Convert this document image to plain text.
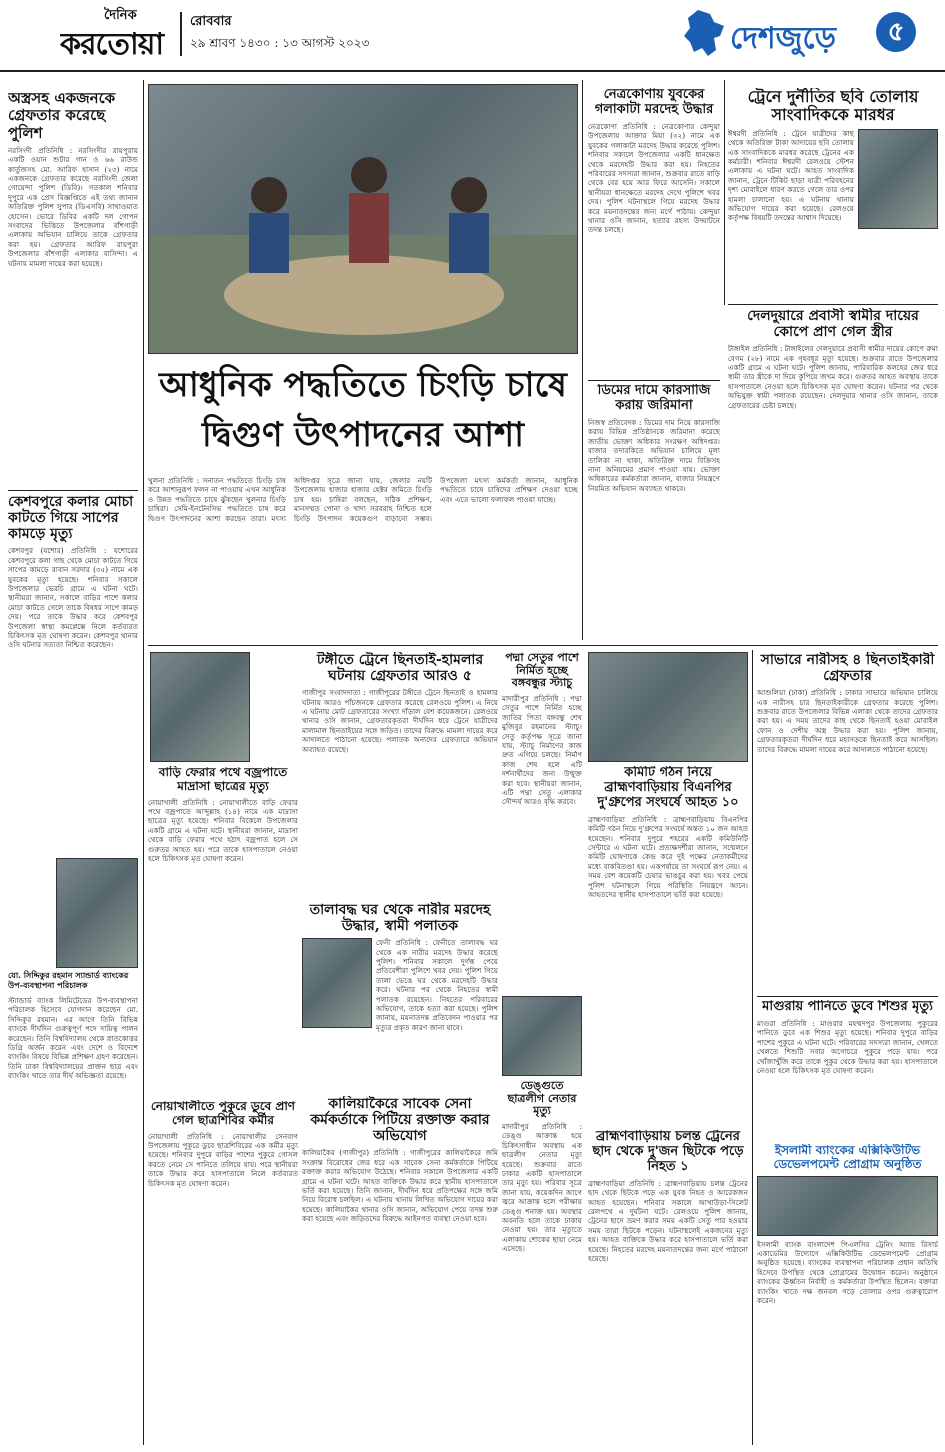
দৈনিক
করতোয়া
রোববার
২৯ শ্রাবণ ১৪৩০ : ১৩ আগস্ট ২০২৩	দেশজুড়ে	৫
অস্ত্রসহ একজনকে গ্রেফতার করেছে পুলিশ
নরসিংদী প্রতিনিধি : নরসিংদীর রায়পুরায় একটি ওয়ান শুটার গান ও ৬৬ রাউন্ড কার্তুজসহ মো. আরিফ হাসান (২৩) নামে একজনকে গ্রেফতার করেছে নরসিংদী জেলা গোয়েন্দা পুলিশ (ডিবি)। গতকাল শনিবার দুপুরে এক প্রেস বিজ্ঞপ্তিতে এই তথ্য জানান অতিরিক্ত পুলিশ সুপার (ডিএসবি) সাখাওয়াত হোসেন। ভোরে ডিবির একটি দল গোপন সংবাদের ভিত্তিতে উপজেলার বাঁশগাড়ী এলাকায় অভিযান চালিয়ে তাকে গ্রেফতার করা হয়। গ্রেফতার আরিফ রায়পুরা উপজেলার বাঁশগাড়ী এলাকার বাসিন্দা। এ ঘটনায় মামলা দায়ের করা হয়েছে।
কেশবপুরে কলার মোচা কাটতে গিয়ে সাপের কামড়ে মৃত্যু
কেশবপুর (যশোর) প্রতিনিধি : যশোরের কেশবপুরে কলা গাছ থেকে মোচা কাটতে গিয়ে সাপের কামড়ে রাবান সরদার (৩৫) নামে এক যুবকের মৃত্যু হয়েছে। শনিবার সকালে উপজেলার ভেরচি গ্রামে এ ঘটনা ঘটে। স্থানীয়রা জানান, সকালে বাড়ির পাশে কলার মোচা কাটতে গেলে তাকে বিষধর সাপে কামড় দেয়। পরে তাকে উদ্ধার করে কেশবপুর উপজেলা স্বাস্থ্য কমপ্লেক্সে নিলে কর্তব্যরত চিকিৎসক মৃত ঘোষণা করেন। কেশবপুর থানার ওসি ঘটনার সত্যতা নিশ্চিত করেছেন।
যো. সিদ্দিকুর রহমান স্যান্ডার্ড ব্যাংকের উপ-ব্যবস্থাপনা পরিচালক
স্ট্যান্ডার্ড ব্যাংক লিমিটেডের উপ-ব্যবস্থাপনা পরিচালক হিসেবে যোগদান করেছেন মো. সিদ্দিকুর রহমান। এর আগে তিনি বিভিন্ন ব্যাংকে দীর্ঘদিন গুরুত্বপূর্ণ পদে দায়িত্ব পালন করেছেন। তিনি বিশ্ববিদ্যালয় থেকে স্নাতকোত্তর ডিগ্রি অর্জন করেন এবং দেশে ও বিদেশে ব্যাংকিং বিষয়ে বিভিন্ন প্রশিক্ষণ গ্রহণ করেছেন। তিনি ঢাকা বিশ্ববিদ্যালয়ের প্রাক্তন ছাত্র এবং ব্যাংকিং খাতে তার দীর্ঘ অভিজ্ঞতা রয়েছে।
আধুনিক পদ্ধতিতে চিংড়ি চাষে
দ্বিগুণ উৎপাদনের আশা
খুলনা প্রতিনিধি : সনাতন পদ্ধতিতে চিংড়ি চাষ করে আশানুরূপ ফলন না পাওয়ায় এখন আধুনিক ও উন্নত পদ্ধতিতে চাষে ঝুঁকছেন খুলনার চিংড়ি চাষিরা। সেমি-ইনটেনসিভ পদ্ধতিতে চাষ করে দ্বিগুণ উৎপাদনের আশা করছেন তারা। মৎস্য অধিদপ্তর সূত্রে জানা যায়, জেলার নয়টি উপজেলায় হাজার হাজার হেক্টর জমিতে চিংড়ি চাষ হয়। চাষিরা বলছেন, সঠিক প্রশিক্ষণ, মানসম্মত পোনা ও খাদ্য সরবরাহ নিশ্চিত হলে চিংড়ি উৎপাদন কয়েকগুণ বাড়ানো সম্ভব। উপজেলা মৎস্য কর্মকর্তা জানান, আধুনিক পদ্ধতিতে চাষে চাষিদের প্রশিক্ষণ দেওয়া হচ্ছে এবং এতে ভালো ফলাফল পাওয়া যাচ্ছে।
নেত্রকোণায় যুবকের গলাকাটা মরদেহ উদ্ধার
নেত্রকোণা প্রতিনিধি : নেত্রকোণার কেন্দুয়া উপজেলায় আক্তার মিয়া (৩২) নামে এক যুবকের গলাকাটা মরদেহ উদ্ধার করেছে পুলিশ। শনিবার সকালে উপজেলার একটি ধানক্ষেত থেকে মরদেহটি উদ্ধার করা হয়। নিহতের পরিবারের সদস্যরা জানান, শুক্রবার রাতে বাড়ি থেকে বের হয়ে আর ফিরে আসেনি। সকালে স্থানীয়রা ধানক্ষেতে মরদেহ দেখে পুলিশে খবর দেয়। পুলিশ ঘটনাস্থলে গিয়ে মরদেহ উদ্ধার করে ময়নাতদন্তের জন্য মর্গে পাঠায়। কেন্দুয়া থানার ওসি জানান, হত্যার রহস্য উদ্ঘাটনে তদন্ত চলছে।
ডিমের দামে কারসাজি করায় জরিমানা
নিজস্ব প্রতিবেদক : ডিমের দাম নিয়ে কারসাজি করায় বিভিন্ন প্রতিষ্ঠানকে জরিমানা করেছে জাতীয় ভোক্তা অধিকার সংরক্ষণ অধিদপ্তর। বাজার তদারকিতে অভিযান চালিয়ে মূল্য তালিকা না থাকা, অতিরিক্ত দামে বিক্রিসহ নানা অনিয়মের প্রমাণ পাওয়া যায়। ভোক্তা অধিকারের কর্মকর্তারা জানান, বাজার নিয়ন্ত্রণে নিয়মিত অভিযান অব্যাহত থাকবে।
ট্রেনে দুর্নীতির ছবি তোলায় সাংবাদিককে মারধর
ঈশ্বরদী প্রতিনিধি : ট্রেনে যাত্রীদের কাছ থেকে অতিরিক্ত টাকা আদায়ের ছবি তোলায় এক সাংবাদিককে মারধর করেছে ট্রেনের এক কর্মচারী। শনিবার ঈশ্বরদী রেলওয়ে স্টেশন এলাকায় এ ঘটনা ঘটে। আহত সাংবাদিক জানান, ট্রেনে টিকিট ছাড়া যাত্রী পরিবহনের দৃশ্য মোবাইলে ধারণ করতে গেলে তার ওপর হামলা চালানো হয়। এ ঘটনায় থানায় অভিযোগ দায়ের করা হয়েছে। রেলওয়ে কর্তৃপক্ষ বিষয়টি তদন্তের আশ্বাস দিয়েছে।
দেলদুয়ারে প্রবাসী স্বামীর দায়ের কোপে প্রাণ গেল স্ত্রীর
টাঙ্গাইল প্রতিনিধি : টাঙ্গাইলের দেলদুয়ারে প্রবাসী স্বামীর দায়ের কোপে রুমা বেগম (২৮) নামে এক গৃহবধূর মৃত্যু হয়েছে। শুক্রবার রাতে উপজেলার একটি গ্রামে এ ঘটনা ঘটে। পুলিশ জানায়, পারিবারিক কলহের জের ধরে স্বামী তার স্ত্রীকে দা দিয়ে কুপিয়ে জখম করে। গুরুতর আহত অবস্থায় তাকে হাসপাতালে নেওয়া হলে চিকিৎসক মৃত ঘোষণা করেন। ঘটনার পর থেকে অভিযুক্ত স্বামী পলাতক রয়েছেন। দেলদুয়ার থানার ওসি জানান, তাকে গ্রেফতারের চেষ্টা চলছে।
বাড়ি ফেরার পথে বজ্রপাতে মাদ্রাসা ছাত্রের মৃত্যু
নোয়াখালী প্রতিনিধি : নোয়াখালীতে বাড়ি ফেরার পথে বজ্রপাতে আব্দুল্লাহ (১৪) নামে এক মাদ্রাসা ছাত্রের মৃত্যু হয়েছে। শনিবার বিকেলে উপজেলার একটি গ্রামে এ ঘটনা ঘটে। স্থানীয়রা জানান, মাদ্রাসা থেকে বাড়ি ফেরার পথে হঠাৎ বজ্রপাত হলে সে গুরুতর আহত হয়। পরে তাকে হাসপাতালে নেওয়া হলে চিকিৎসক মৃত ঘোষণা করেন।
নোয়াখালীতে পুকুরে ডুবে প্রাণ গেল ছাত্রশিবির কর্মীর
নোয়াখালী প্রতিনিধি : নোয়াখালীর সেনবাগ উপজেলায় পুকুরে ডুবে ছাত্রশিবিরের এক কর্মীর মৃত্যু হয়েছে। শনিবার দুপুরে বাড়ির পাশের পুকুরে গোসল করতে নেমে সে পানিতে তলিয়ে যায়। পরে স্থানীয়রা তাকে উদ্ধার করে হাসপাতালে নিলে কর্তব্যরত চিকিৎসক মৃত ঘোষণা করেন।
টঙ্গীতে ট্রেনে ছিনতাই-হামলার ঘটনায় গ্রেফতার আরও ৫
গাজীপুর সংবাদদাতা : গাজীপুরের টঙ্গীতে ট্রেনে ছিনতাই ও হামলার ঘটনায় আরও পাঁচজনকে গ্রেফতার করেছে রেলওয়ে পুলিশ। এ নিয়ে এ ঘটনায় মোট গ্রেফতারের সংখ্যা দাঁড়াল বেশ কয়েকজনে। রেলওয়ে থানার ওসি জানান, গ্রেফতারকৃতরা দীর্ঘদিন ধরে ট্রেনে যাত্রীদের মালামাল ছিনতাইয়ের সঙ্গে জড়িত। তাদের বিরুদ্ধে মামলা দায়ের করে আদালতে পাঠানো হয়েছে। পলাতক অন্যদের গ্রেফতারে অভিযান অব্যাহত রয়েছে।
পদ্মা সেতুর পাশে নির্মিত হচ্ছে বঙ্গবন্ধুর স্ট্যাচু
মাদারীপুর প্রতিনিধি : পদ্মা সেতুর পাশে নির্মিত হচ্ছে জাতির পিতা বঙ্গবন্ধু শেখ মুজিবুর রহমানের স্ট্যাচু। সেতু কর্তৃপক্ষ সূত্রে জানা যায়, স্ট্যাচু নির্মাণের কাজ দ্রুত এগিয়ে চলছে। নির্মাণ কাজ শেষ হলে এটি দর্শনার্থীদের জন্য উন্মুক্ত করা হবে। স্থানীয়রা জানান, এটি পদ্মা সেতু এলাকার সৌন্দর্য আরও বৃদ্ধি করবে।
কমিটি গঠন নিয়ে ব্রাহ্মণবাড়িয়ায় বিএনপির দু'গ্রুপের সংঘর্ষে আহত ১০
ব্রাহ্মণবাড়িয়া প্রতিনিধি : ব্রাহ্মণবাড়িয়ায় বিএনপির কমিটি গঠন নিয়ে দু'গ্রুপের সংঘর্ষে অন্তত ১০ জন আহত হয়েছেন। শনিবার দুপুরে শহরের একটি কমিউনিটি সেন্টারে এ ঘটনা ঘটে। প্রত্যক্ষদর্শীরা জানান, সম্মেলনে কমিটি ঘোষণাকে কেন্দ্র করে দুই পক্ষের নেতাকর্মীদের মধ্যে বাকবিতণ্ডা হয়। একপর্যায়ে তা সংঘর্ষে রূপ নেয়। এ সময় বেশ কয়েকটি চেয়ার ভাঙচুর করা হয়। খবর পেয়ে পুলিশ ঘটনাস্থলে গিয়ে পরিস্থিতি নিয়ন্ত্রণে আনে। আহতদের স্থানীয় হাসপাতালে ভর্তি করা হয়েছে।
সাভারে নারীসহ ৪ ছিনতাইকারী গ্রেফতার
আশুলিয়া (ঢাকা) প্রতিনিধি : ঢাকার সাভারে অভিযান চালিয়ে এক নারীসহ চার ছিনতাইকারীকে গ্রেফতার করেছে পুলিশ। শুক্রবার রাতে উপজেলার বিভিন্ন এলাকা থেকে তাদের গ্রেফতার করা হয়। এ সময় তাদের কাছ থেকে ছিনতাই হওয়া মোবাইল ফোন ও দেশীয় অস্ত্র উদ্ধার করা হয়। পুলিশ জানায়, গ্রেফতারকৃতরা দীর্ঘদিন ধরে মহাসড়কে ছিনতাই করে আসছিল। তাদের বিরুদ্ধে মামলা দায়ের করে আদালতে পাঠানো হয়েছে।
মাগুরায় পানিতে ডুবে শিশুর মৃত্যু
মাগুরা প্রতিনিধি : মাগুরার মহম্মদপুর উপজেলায় পুকুরের পানিতে ডুবে এক শিশুর মৃত্যু হয়েছে। শনিবার দুপুরে বাড়ির পাশের পুকুরে এ ঘটনা ঘটে। পরিবারের সদস্যরা জানান, খেলতে খেলতে শিশুটি সবার অগোচরে পুকুরে পড়ে যায়। পরে খোঁজাখুঁজি করে তাকে পুকুর থেকে উদ্ধার করা হয়। হাসপাতালে নেওয়া হলে চিকিৎসক মৃত ঘোষণা করেন।
ইসলামী ব্যাংকের এক্সিকিউটিভ ডেভেলপমেন্ট প্রোগ্রাম অনুষ্ঠিত
ইসলামী ব্যাংক বাংলাদেশ পিএলসির ট্রেনিং অ্যান্ড রিসার্চ একাডেমির উদ্যোগে এক্সিকিউটিভ ডেভেলপমেন্ট প্রোগ্রাম অনুষ্ঠিত হয়েছে। ব্যাংকের ব্যবস্থাপনা পরিচালক প্রধান অতিথি হিসেবে উপস্থিত থেকে প্রোগ্রামের উদ্বোধন করেন। অনুষ্ঠানে ব্যাংকের ঊর্ধ্বতন নির্বাহী ও কর্মকর্তারা উপস্থিত ছিলেন। বক্তারা ব্যাংকিং খাতে দক্ষ জনবল গড়ে তোলার ওপর গুরুত্বারোপ করেন।
তালাবদ্ধ ঘর থেকে নারীর মরদেহ উদ্ধার, স্বামী পলাতক
ফেনী প্রতিনিধি : ফেনীতে তালাবদ্ধ ঘর থেকে এক নারীর মরদেহ উদ্ধার করেছে পুলিশ। শনিবার সকালে দুর্গন্ধ পেয়ে প্রতিবেশীরা পুলিশে খবর দেয়। পুলিশ গিয়ে তালা ভেঙে ঘর থেকে মরদেহটি উদ্ধার করে। ঘটনার পর থেকে নিহতের স্বামী পলাতক রয়েছেন। নিহতের পরিবারের অভিযোগ, তাকে হত্যা করা হয়েছে। পুলিশ জানায়, ময়নাতদন্ত প্রতিবেদন পাওয়ার পর মৃত্যুর প্রকৃত কারণ জানা যাবে।
ডেঙ্গুতে ছাত্রলীগ নেতার মৃত্যু
মাদারীপুর প্রতিনিধি : ডেঙ্গু আক্রান্ত হয়ে চিকিৎসাধীন অবস্থায় এক ছাত্রলীগ নেতার মৃত্যু হয়েছে। শুক্রবার রাতে ঢাকার একটি হাসপাতালে তার মৃত্যু হয়। পরিবার সূত্রে জানা যায়, কয়েকদিন আগে জ্বরে আক্রান্ত হলে পরীক্ষায় ডেঙ্গু শনাক্ত হয়। অবস্থার অবনতি হলে তাকে ঢাকায় নেওয়া হয়। তার মৃত্যুতে এলাকায় শোকের ছায়া নেমে এসেছে।
কালিয়াকৈরে সাবেক সেনা কর্মকর্তাকে পিটিয়ে রক্তাক্ত করার অভিযোগ
কালিয়াকৈর (গাজীপুর) প্রতিনিধি : গাজীপুরের কালিয়াকৈরে জমি সংক্রান্ত বিরোধের জের ধরে এক সাবেক সেনা কর্মকর্তাকে পিটিয়ে রক্তাক্ত করার অভিযোগ উঠেছে। শনিবার সকালে উপজেলার একটি গ্রামে এ ঘটনা ঘটে। আহত ব্যক্তিকে উদ্ধার করে স্থানীয় হাসপাতালে ভর্তি করা হয়েছে। তিনি জানান, দীর্ঘদিন ধরে প্রতিপক্ষের সঙ্গে জমি নিয়ে বিরোধ চলছিল। এ ঘটনায় থানায় লিখিত অভিযোগ দায়ের করা হয়েছে। কালিয়াকৈর থানার ওসি জানান, অভিযোগ পেয়ে তদন্ত শুরু করা হয়েছে এবং জড়িতদের বিরুদ্ধে আইনগত ব্যবস্থা নেওয়া হবে।
ব্রাহ্মণবাড়িয়ায় চলন্ত ট্রেনের ছাদ থেকে দু'জন ছিটকে পড়ে নিহত ১
ব্রাহ্মণবাড়িয়া প্রতিনিধি : ব্রাহ্মণবাড়িয়ায় চলন্ত ট্রেনের ছাদ থেকে ছিটকে পড়ে এক যুবক নিহত ও আরেকজন আহত হয়েছেন। শনিবার সকালে আখাউড়া-সিলেট রেলপথে এ দুর্ঘটনা ঘটে। রেলওয়ে পুলিশ জানায়, ট্রেনের ছাদে ভ্রমণ করার সময় একটি সেতু পার হওয়ার সময় তারা ছিটকে পড়েন। ঘটনাস্থলেই একজনের মৃত্যু হয়। আহত ব্যক্তিকে উদ্ধার করে হাসপাতালে ভর্তি করা হয়েছে। নিহতের মরদেহ ময়নাতদন্তের জন্য মর্গে পাঠানো হয়েছে।
